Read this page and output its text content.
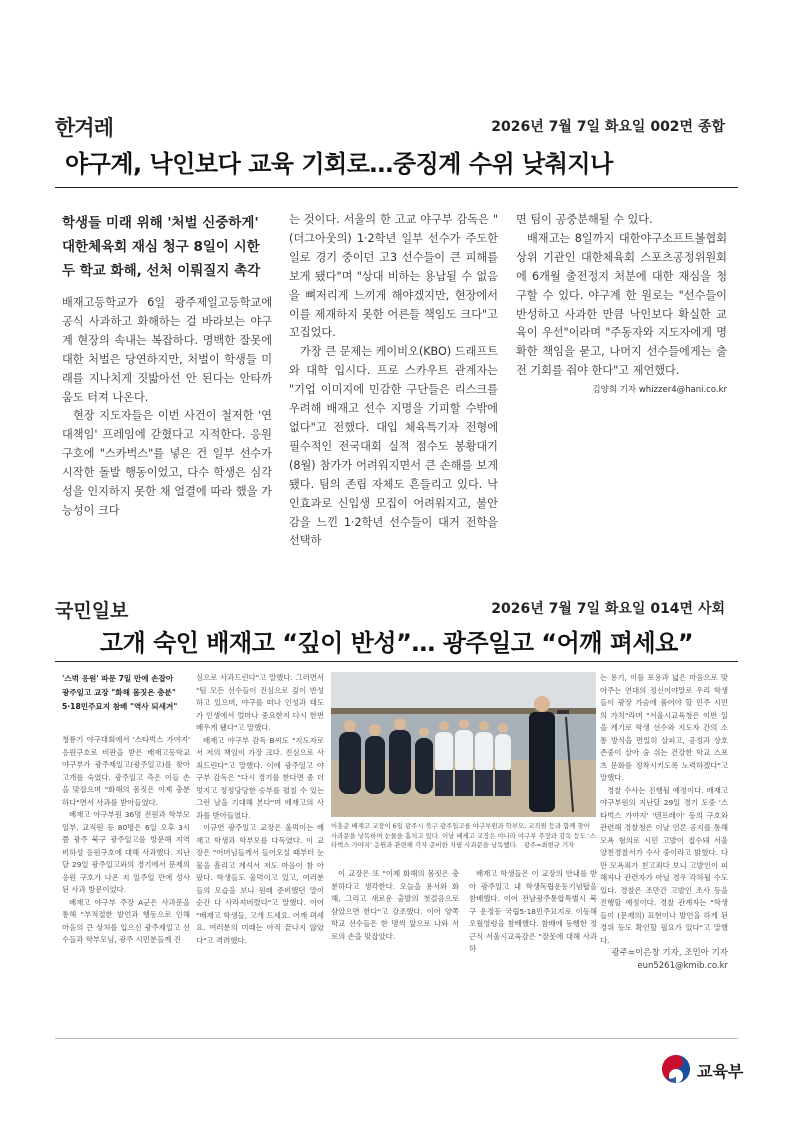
한겨레	2026년 7월 7일 화요일 002면 종합
야구계, 낙인보다 교육 기회로…중징계 수위 낮춰지나
학생들 미래 위해 '처벌 신중하게'
대한체육회 재심 청구 8일이 시한
두 학교 화해, 선처 이뤄질지 촉각

배재고등학교가 6일 광주제일고등학교에 공식 사과하고 화해하는 걸 바라보는 야구계 현장의 속내는 복잡하다. 명백한 잘못에 대한 처벌은 당연하지만, 처벌이 학생들 미래를 지나치게 짓밟아선 안 된다는 안타까움도 터져 나온다.

현장 지도자들은 이번 사건이 철저한 '연대책임' 프레임에 갇혔다고 지적한다. 응원 구호에 "스카벅스"를 넣은 건 일부 선수가 시작한 돌발 행동이었고, 다수 학생은 심각성을 인지하지 못한 채 얼결에 따라 했을 가능성이 크다

는 것이다. 서울의 한 고교 야구부 감독은 "(더그아웃의) 1·2학년 일부 선수가 주도한 일로 경기 중이던 고3 선수들이 큰 피해를 보게 됐다"며 "상대 비하는 용납될 수 없음을 뼈저리게 느끼게 해야겠지만, 현장에서 이를 제재하지 못한 어른들 책임도 크다"고 꼬집었다.

가장 큰 문제는 케이비오(KBO) 드래프트와 대학 입시다. 프로 스카우트 관계자는 "기업 이미지에 민감한 구단들은 리스크를 우려해 배재고 선수 지명을 기피할 수밖에 없다"고 전했다. 대입 체육특기자 전형에 필수적인 전국대회 실적 점수도 봉황대기(8월) 참가가 어려워지면서 큰 손해를 보게 됐다. 팀의 존립 자체도 흔들리고 있다. 낙인효과로 신입생 모집이 어려워지고, 불안감을 느낀 1·2학년 선수들이 대거 전학을 선택하

면 팀이 공중분해될 수 있다.

배재고는 8일까지 대한야구소프트볼협회 상위 기관인 대한체육회 스포츠공정위원회에 6개월 출전정지 처분에 대한 재심을 청구할 수 있다. 야구계 한 원로는 "선수들이 반성하고 사과한 만큼 낙인보다 확실한 교육이 우선"이라며 "주동자와 지도자에게 명확한 책임을 묻고, 나머지 선수들에게는 출전 기회를 줘야 한다"고 제언했다.

김양희 기자 whizzer4@hani.co.kr
국민일보	2026년 7월 7일 화요일 014면 사회
고개 숙인 배재고 “깊이 반성”… 광주일고 “어깨 펴세요”
'스벅 응원' 파문 7일 만에 손잡아
광주일고 교장 "화해 몸짓은 충분"
5·18민주묘지 참배 "역사 되새겨"

청룡기 야구대회에서 '스타벅스 가야지' 응원구호로 비판을 받은 배재고등학교 야구부가 광주제일고(광주일고)를 찾아 고개를 숙였다. 광주일고 측은 이들 손을 맞잡으며 "화해의 몸짓은 이제 충분하다"면서 사과를 받아들였다.

배재고 야구부원 36명 전원과 학부모 일부, 교직원 등 80명은 6일 오후 3시쯤 광주 북구 광주일고를 방문해 지역 비하성 응원구호에 대해 사과했다. 지난달 29일 광주일고와의 경기에서 문제의 응원 구호가 나온 지 일주일 만에 성사된 사과 방문이었다.

배재고 야구부 주장 A군은 사과문을 통해 "부적절한 발언과 행동으로 인해 마음의 큰 상처를 입으신 광주제일고 선수들과 학부모님, 광주 시민분들께 진

심으로 사과드린다"고 말했다. 그러면서 "팀 모든 선수들이 진심으로 깊이 반성하고 있으며, 야구를 떠나 인성과 태도가 인생에서 얼마나 중요한지 다시 한번 배우게 됐다"고 말했다.

배재고 야구부 감독 B씨도 "지도자로서 저의 책임이 가장 크다. 진심으로 사죄드린다"고 말했다. 이에 광주일고 야구부 감독은 "다시 경기를 한다면 좀 더 멋지고 정정당당한 승부를 펼칠 수 있는 그런 날을 기대해 본다"며 배재고의 사과를 받아들였다.

이규연 광주일고 교장은 울먹이는 배재고 학생과 학부모를 다독였다. 이 교장은 "어머님들께서 들어오실 때부터 눈물을 흘리고 계셔서 저도 마음이 참 아팠다. 학생들도 울먹이고 있고, 여러분들의 모습을 보니 원래 준비했던 말이 순간 다 사라져버렸다"고 말했다. 이어 "배재고 학생들, 고개 드세요. 어깨 펴세요. 여러분의 미래는 아직 끝나지 않았다"고 격려했다.

이홍준 배재고 교장이 6일 광주시 북구 광주일고를 야구부원과 학부모, 교직원 등과 함께 찾아 사과문을 낭독하며 눈물을 훔치고 있다. 이날 배재고 교장은 야니라 야구부 주장과 감독 등도 '스타벅스 가야지' 응원과 관련해 각자 준비한 자필 사과문을 낭독했다. 광주=최현규 기자

이 교장은 또 "이제 화해의 몸짓은 충분하다고 생각한다. 오늘을 용서와 화해, 그리고 새로운 출발의 첫걸음으로 삼았으면 한다"고 강조했다. 이어 양쪽 학교 선수들은 한 명씩 앞으로 나와 서로의 손을 맞잡았다.

배재고 학생들은 이 교장의 안내를 받아 광주일고 내 학생독립운동기념탑을 참배했다. 이어 전남광주통합특별시 북구 운정동 국립5·18민주묘지로 이동해 오월영령을 참배했다. 참배에 동행한 정근식 서울시교육감은 "잘못에 대해 사과하

는 용기, 이를 포용과 넓은 마음으로 맞아주는 연대의 정신이야말로 우리 학생들이 광장 가슴에 품어야 할 민주 시민의 가치"라며 "서울시교육청은 이번 일을 계기로 학생 선수와 지도자 간의 소통 방식을 면밀히 살피고, 공정과 상호 존중이 살아 숨 쉬는 건강한 학교 스포츠 문화를 정착시키도록 노력하겠다"고 말했다.

경찰 수사는 진행될 예정이다. 배재고 야구부원의 지난달 29일 경기 도중 '스타벅스 가야지' '텐프레이' 등의 구호와 관련해 경찰청은 이날 언론 공지를 통해 모욕 혐의로 시민 고발이 접수돼 서울 양천경찰서가 수사 중이라고 밝혔다. 다만 모욕죄가 친고죄다 보니 고발인이 피해자나 관련자가 아닐 경우 각하될 수도 있다. 경찰은 조만간 고발인 조사 등을 진행할 예정이다. 경찰 관계자는 "학생들이 (문제의) 표현이나 발언을 하게 된 경위 등도 확인할 필요가 있다"고 말했다.

광주=이은창 기자, 조민아 기자
eun5261@kmib.co.kr
교육부
